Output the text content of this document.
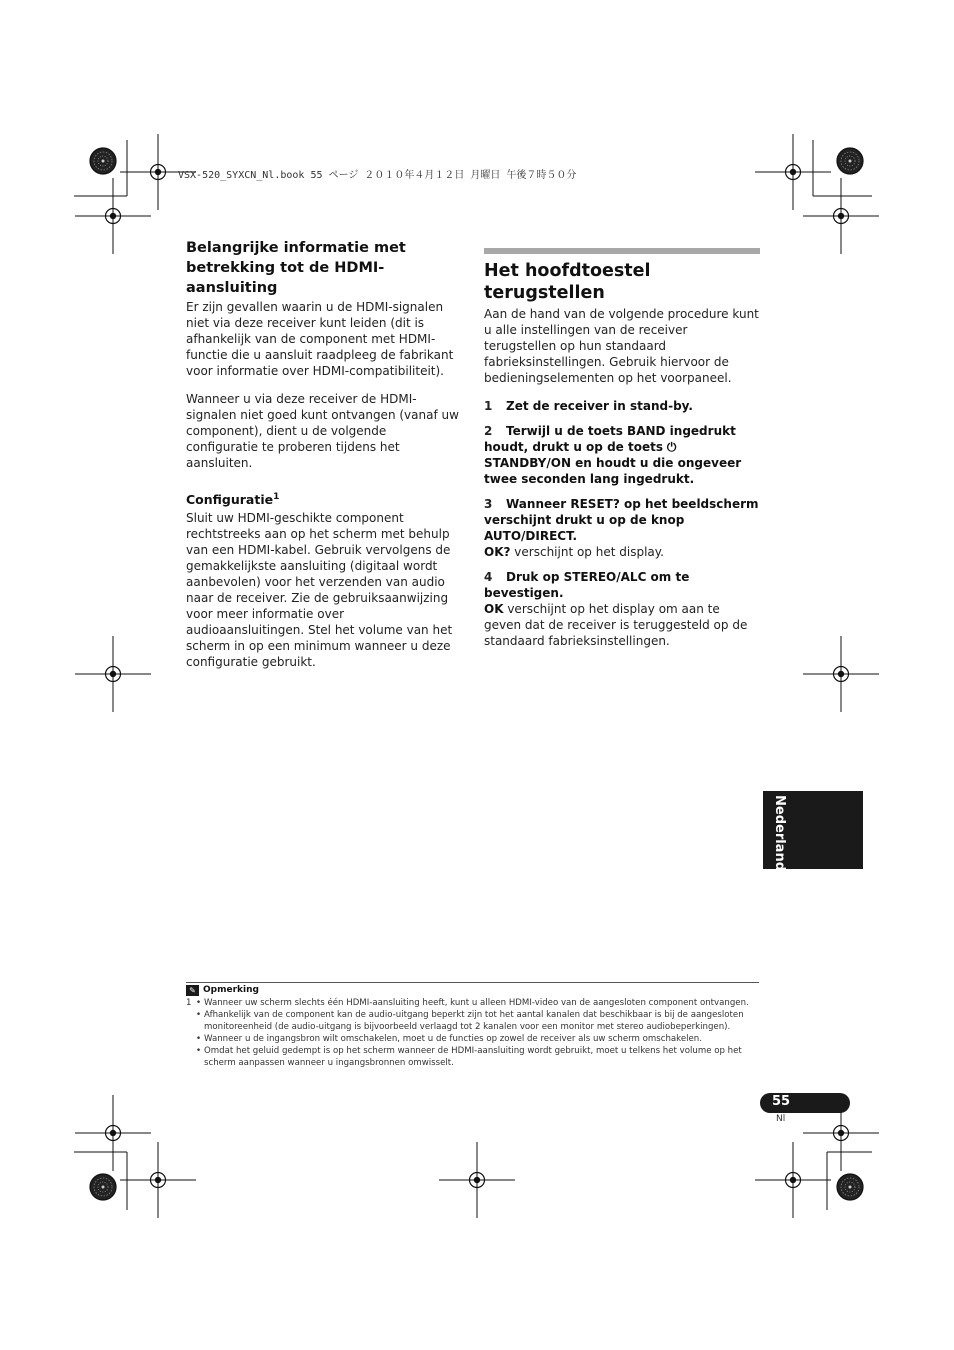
VSX-520_SYXCN_Nl.book 55 ページ ２０１０年４月１２日 月曜日 午後７時５０分
Belangrijke informatie met betrekking tot de HDMI-aansluiting

Er zijn gevallen waarin u de HDMI-signalen niet via deze receiver kunt leiden (dit is afhankelijk van de component met HDMI-functie die u aansluit raadpleeg de fabrikant voor informatie over HDMI-compatibiliteit).

Wanneer u via deze receiver de HDMI-signalen niet goed kunt ontvangen (vanaf uw component), dient u de volgende configuratie te proberen tijdens het aansluiten.

Configuratie$^1$

Sluit uw HDMI-geschikte component rechtstreeks aan op het scherm met behulp van een HDMI-kabel. Gebruik vervolgens de gemakkelijkste aansluiting (digitaal wordt aanbevolen) voor het verzenden van audio naar de receiver. Zie de gebruiksaanwijzing voor meer informatie over audioaansluitingen. Stel het volume van het scherm in op een minimum wanneer u deze configuratie gebruikt.

Het hoofdtoestel terugstellen

Aan de hand van de volgende procedure kunt u alle instellingen van de receiver terugstellen op hun standaard fabrieksinstellingen. Gebruik hiervoor de bedieningselementen op het voorpaneel.

1 Zet de receiver in stand-by.

2 Terwijl u de toets BAND ingedrukt houdt, drukt u op de toets ⏻ STANDBY/ON en houdt u die ongeveer twee seconden lang ingedrukt.

3 Wanneer RESET? op het beeldscherm verschijnt drukt u op de knop AUTO/DIRECT.
OK? verschijnt op het display.

4 Druk op STEREO/ALC om te bevestigen.
OK verschijnt op het display om aan te geven dat de receiver is teruggesteld op de standaard fabrieksinstellingen.

Nederlands
✎ Opmerking
1
•	Wanneer uw scherm slechts één HDMI-aansluiting heeft, kunt u alleen HDMI-video van de aangesloten component ontvangen.
• Afhankelijk van de component kan de audio-uitgang beperkt zijn tot het aantal kanalen dat beschikbaar is bij de aangesloten monitoreenheid (de audio-uitgang is bijvoorbeeld verlaagd tot 2 kanalen voor een monitor met stereo audiobeperkingen).
• Wanneer u de ingangsbron wilt omschakelen, moet u de functies op zowel de receiver als uw scherm omschakelen.
• Omdat het geluid gedempt is op het scherm wanneer de HDMI-aansluiting wordt gebruikt, moet u telkens het volume op het scherm aanpassen wanneer u ingangsbronnen omwisselt.
55
Nl
